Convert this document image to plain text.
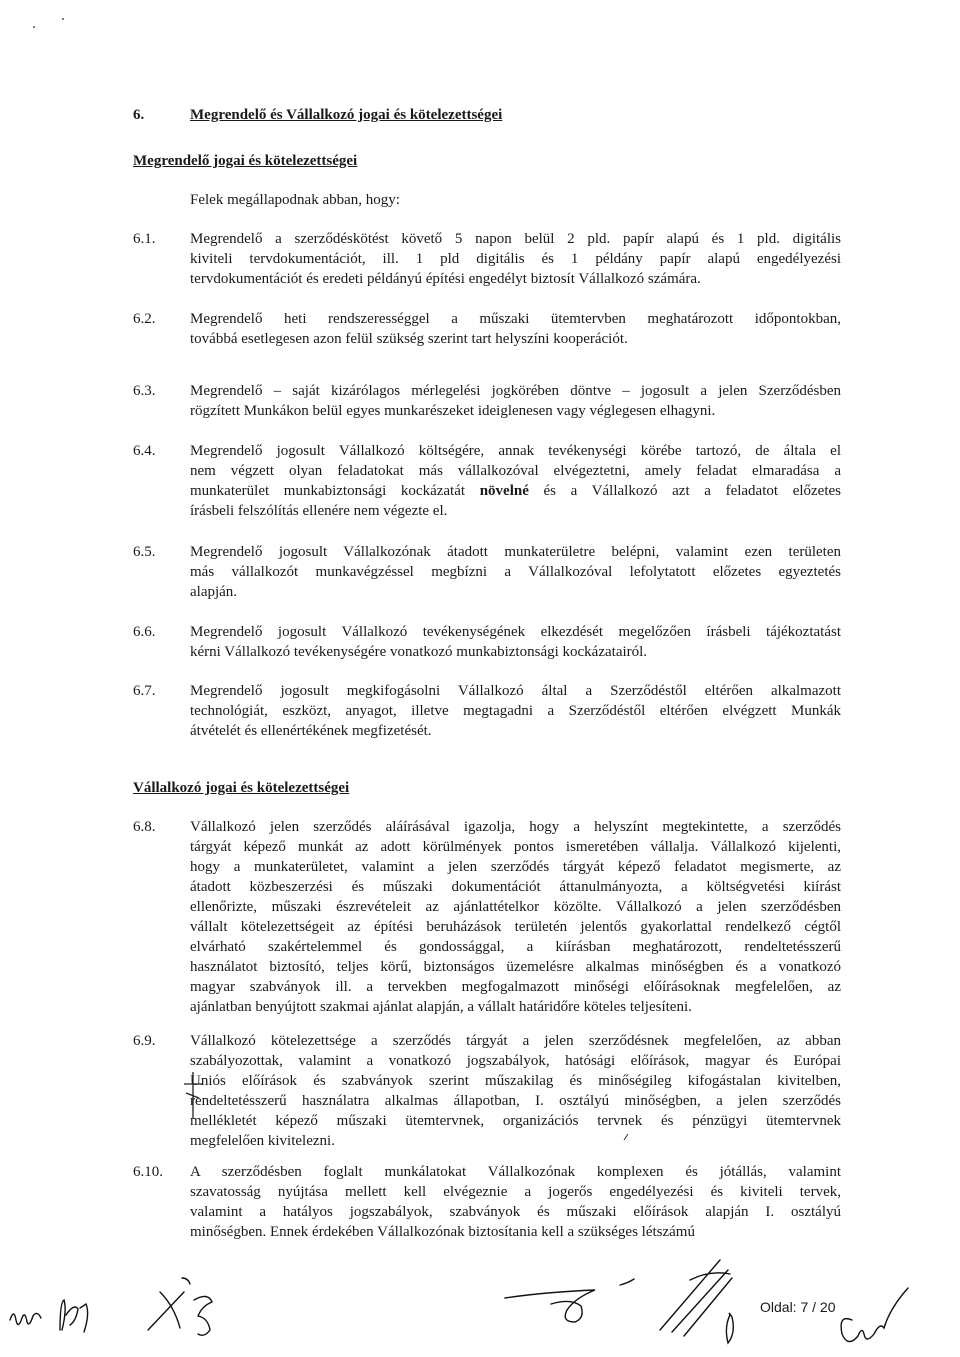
6.	Megrendelő és Vállalkozó jogai és kötelezettségei
Megrendelő jogai és kötelezettségei
Felek megállapodnak abban, hogy:
6.1. Megrendelő a szerződéskötést követő 5 napon belül 2 pld. papír alapú és 1 pld. digitális
kiviteli tervdokumentációt, ill. 1 pld digitális és 1 példány papír alapú engedélyezési
tervdokumentációt és eredeti példányú építési engedélyt biztosít Vállalkozó számára.
6.2. Megrendelő heti rendszerességgel a műszaki ütemtervben meghatározott időpontokban,
továbbá esetlegesen azon felül szükség szerint tart helyszíni kooperációt.
6.3. Megrendelő – saját kizárólagos mérlegelési jogkörében döntve – jogosult a jelen Szerződésben
rögzített Munkákon belül egyes munkarészeket ideiglenesen vagy véglegesen elhagyni.
6.4. Megrendelő jogosult Vállalkozó költségére, annak tevékenységi körébe tartozó, de általa el
nem végzett olyan feladatokat más vállalkozóval elvégeztetni, amely feladat elmaradása a
munkaterület munkabiztonsági kockázatát növelné és a Vállalkozó azt a feladatot előzetes
írásbeli felszólítás ellenére nem végezte el.
6.5. Megrendelő jogosult Vállalkozónak átadott munkaterületre belépni, valamint ezen területen
más vállalkozót munkavégzéssel megbízni a Vállalkozóval lefolytatott előzetes egyeztetés
alapján.
6.6. Megrendelő jogosult Vállalkozó tevékenységének elkezdését megelőzően írásbeli tájékoztatást
kérni Vállalkozó tevékenységére vonatkozó munkabiztonsági kockázatairól.
6.7. Megrendelő jogosult megkifogásolni Vállalkozó által a Szerződéstől eltérően alkalmazott
technológiát, eszközt, anyagot, illetve megtagadni a Szerződéstől eltérően elvégzett Munkák
átvételét és ellenértékének megfizetését.
Vállalkozó jogai és kötelezettségei
6.8. Vállalkozó jelen szerződés aláírásával igazolja, hogy a helyszínt megtekintette, a szerződés
tárgyát képező munkát az adott körülmények pontos ismeretében vállalja. Vállalkozó kijelenti,
hogy a munkaterületet, valamint a jelen szerződés tárgyát képező feladatot megismerte, az
átadott közbeszerzési és műszaki dokumentációt áttanulmányozta, a költségvetési kiírást
ellenőrizte, műszaki észrevételeit az ajánlattételkor közölte. Vállalkozó a jelen szerződésben
vállalt kötelezettségeit az építési beruházások területén jelentős gyakorlattal rendelkező cégtől
elvárható szakértelemmel és gondossággal, a kiírásban meghatározott, rendeltetésszerű
használatot biztosító, teljes körű, biztonságos üzemelésre alkalmas minőségben és a vonatkozó
magyar szabványok ill. a tervekben megfogalmazott minőségi előírásoknak megfelelően, az
ajánlatban benyújtott szakmai ajánlat alapján, a vállalt határidőre köteles teljesíteni.
6.9. Vállalkozó kötelezettsége a szerződés tárgyát a jelen szerződésnek megfelelően, az abban
szabályozottak, valamint a vonatkozó jogszabályok, hatósági előírások, magyar és Európai
Uniós előírások és szabványok szerint műszakilag és minőségileg kifogástalan kivitelben,
rendeltetésszerű használatra alkalmas állapotban, I. osztályú minőségben, a jelen szerződés
mellékletét képező műszaki ütemtervnek, organizációs tervnek és pénzügyi ütemtervnek
megfelelően kivitelezni.
6.10. A szerződésben foglalt munkálatokat Vállalkozónak komplexen és jótállás, valamint
szavatosság nyújtása mellett kell elvégeznie a jogerős engedélyezési és kiviteli tervek,
valamint a hatályos jogszabályok, szabványok és műszaki előírások alapján I. osztályú
minőségben. Ennek érdekében Vállalkozónak biztosítania kell a szükséges létszámú
Oldal: 7 / 20
